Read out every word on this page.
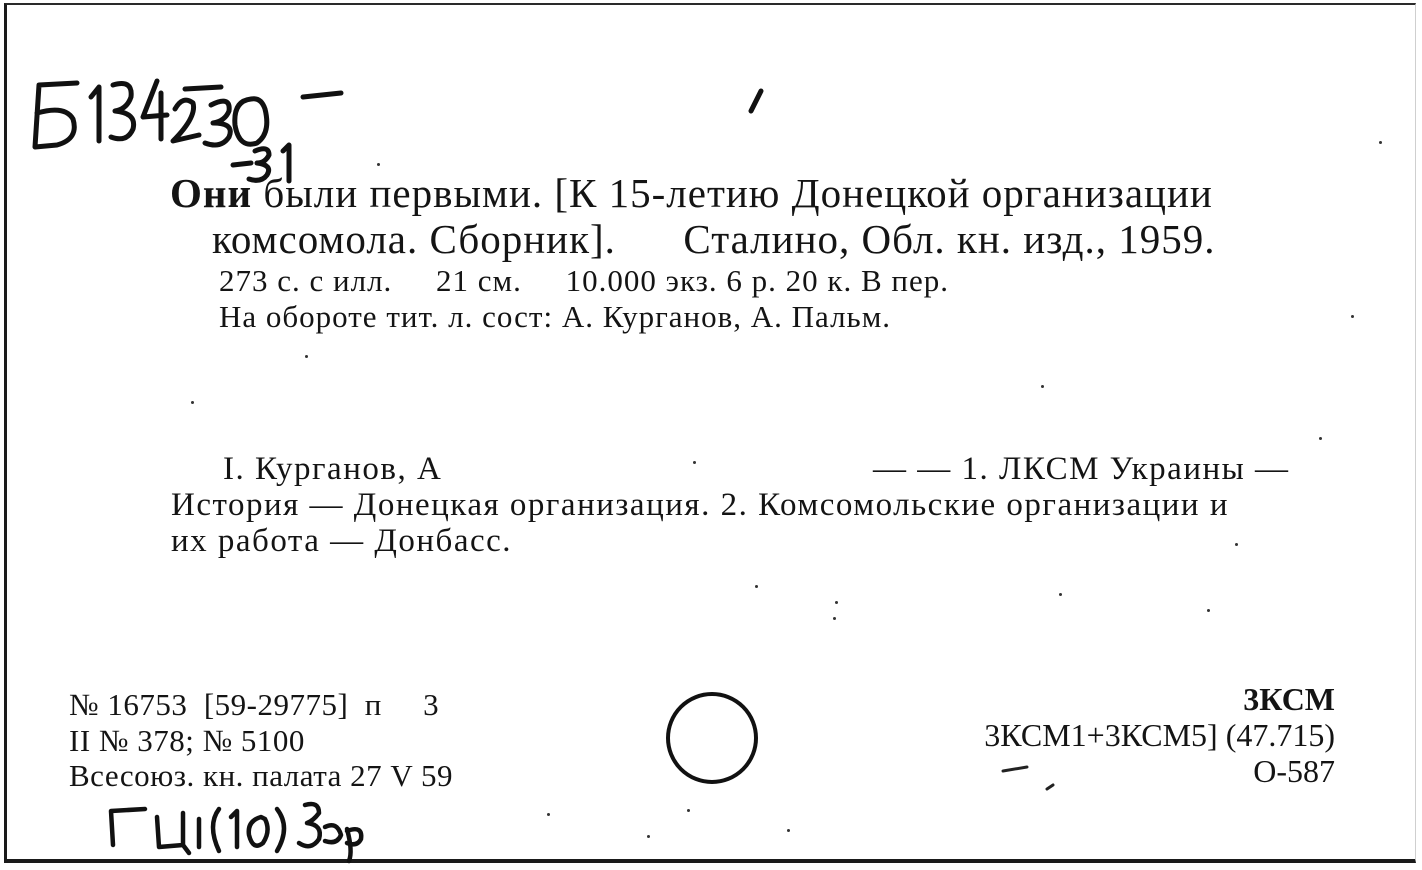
Они были первыми. [К 15-летию Донецкой организации
комсомола. Сборник].      Сталино, Обл. кн. изд., 1959.
273 с. с илл.     21 см.     10.000 экз. 6 р. 20 к. В пер.
На обороте тит. л. сост: А. Курганов, А. Пальм.
I. Курганов, А	— — 1. ЛКСМ Украины —
История — Донецкая организация. 2. Комсомольские организации и
их работа — Донбасс.
№ 16753  [59-29775]  п     3
II № 378; № 5100
Всесоюз. кн. палата 27 V 59
3КСМ
3КСМ1+3КСМ5] (47.715)
О-587
